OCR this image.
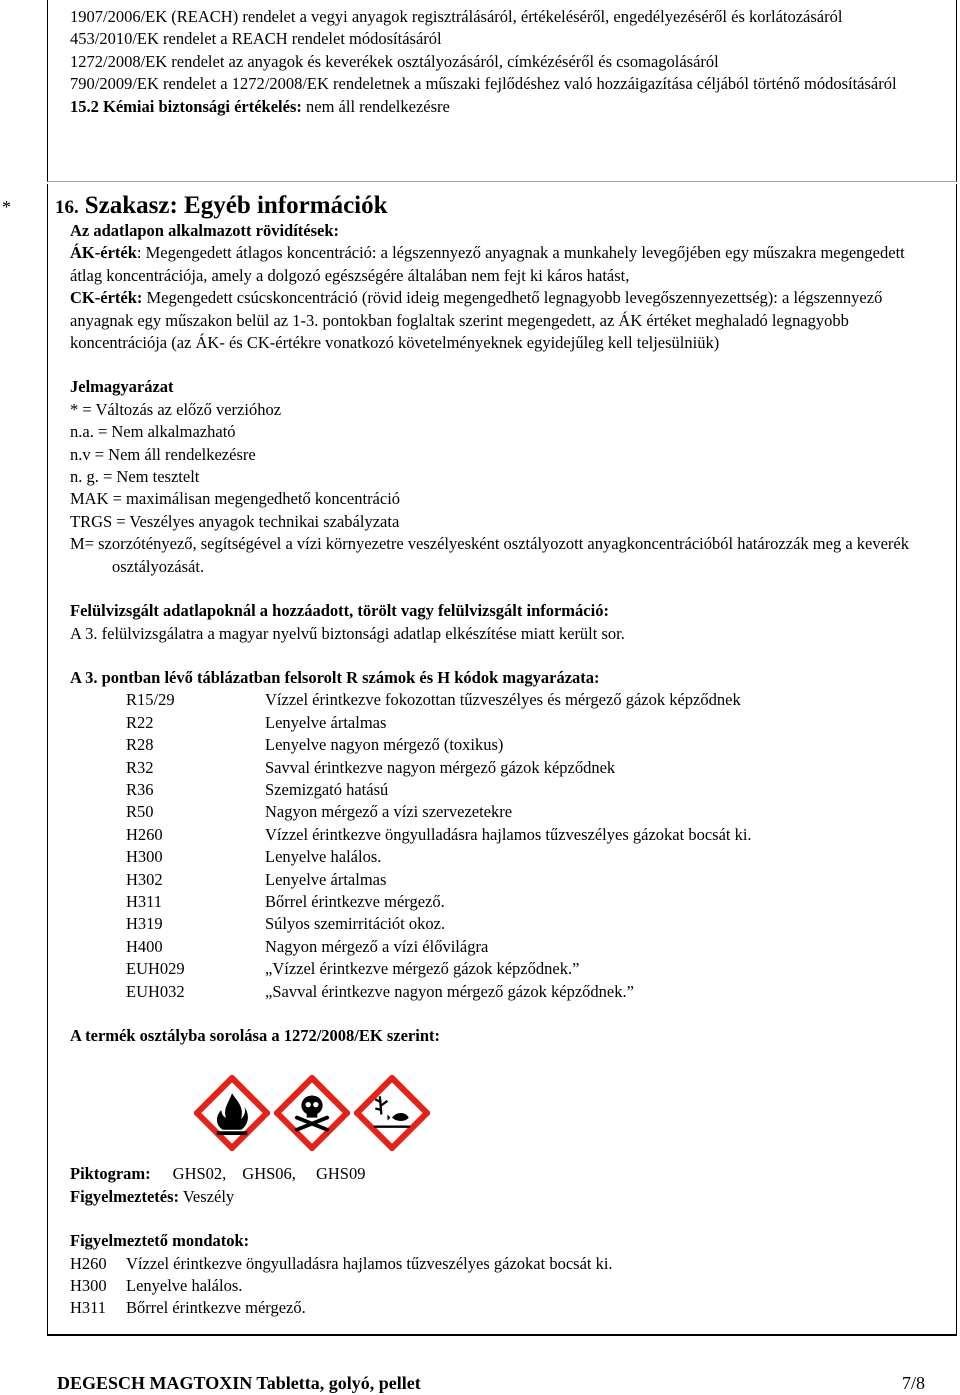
1907/2006/EK (REACH) rendelet a vegyi anyagok regisztrálásáról, értékeléséről, engedélyezéséről és korlátozásáról

453/2010/EK rendelet a REACH rendelet módosításáról

1272/2008/EK rendelet az anyagok és keverékek osztályozásáról, címkézéséről és csomagolásáról

790/2009/EK rendelet a 1272/2008/EK rendeletnek a műszaki fejlődéshez való hozzáigazítása céljából történő módosításáról

15.2 Kémiai biztonsági értékelés: nem áll rendelkezésre

* 16. Szakasz: Egyéb információk

Az adatlapon alkalmazott rövidítések:

ÁK-érték: Megengedett átlagos koncentráció: a légszennyező anyagnak a munkahely levegőjében egy műszakra megengedett átlag koncentrációja, amely a dolgozó egészségére általában nem fejt ki káros hatást,

CK-érték: Megengedett csúcskoncentráció (rövid ideig megengedhető legnagyobb levegőszennyezettség): a légszennyező anyagnak egy műszakon belül az 1-3. pontokban foglaltak szerint megengedett, az ÁK értéket meghaladó legnagyobb koncentrációja (az ÁK- és CK-értékre vonatkozó követelményeknek egyidejűleg kell teljesülniük)

Jelmagyarázat

* = Változás az előző verzióhoz

n.a. = Nem alkalmazható

n.v = Nem áll rendelkezésre

n. g. = Nem tesztelt

MAK = maximálisan megengedhető koncentráció

TRGS = Veszélyes anyagok technikai szabályzata

M= szorzótényező, segítségével a vízi környezetre veszélyesként osztályozott anyagkoncentrációból határozzák meg a keverék osztályozását.

Felülvizsgált adatlapoknál a hozzáadott, törölt vagy felülvizsgált információ:

A 3. felülvizsgálatra a magyar nyelvű biztonsági adatlap elkészítése miatt került sor.

A 3. pontban lévő táblázatban felsorolt R számok és H kódok magyarázata:

R15/29	Vízzel érintkezve fokozottan tűzveszélyes és mérgező gázok képződnek
R22	Lenyelve ártalmas
R28	Lenyelve nagyon mérgező (toxikus)
R32	Savval érintkezve nagyon mérgező gázok képződnek
R36	Szemizgató hatású
R50	Nagyon mérgező a vízi szervezetekre
H260	Vízzel érintkezve öngyulladásra hajlamos tűzveszélyes gázokat bocsát ki.
H300	Lenyelve halálos.
H302	Lenyelve ártalmas
H311	Bőrrel érintkezve mérgező.
H319	Súlyos szemirritációt okoz.
H400	Nagyon mérgező a vízi élővilágra
EUH029	„Vízzel érintkezve mérgező gázok képződnek.”
EUH032	„Savval érintkezve nagyon mérgező gázok képződnek.”

A termék osztályba sorolása a 1272/2008/EK szerint:

Piktogram: GHS02, GHS06, GHS09

Figyelmeztetés: Veszély

Figyelmeztető mondatok:

H260	Vízzel érintkezve öngyulladásra hajlamos tűzveszélyes gázokat bocsát ki.
H300	Lenyelve halálos.
H311	Bőrrel érintkezve mérgező.
DEGESCH MAGTOXIN Tabletta, golyó, pellet	7/8
